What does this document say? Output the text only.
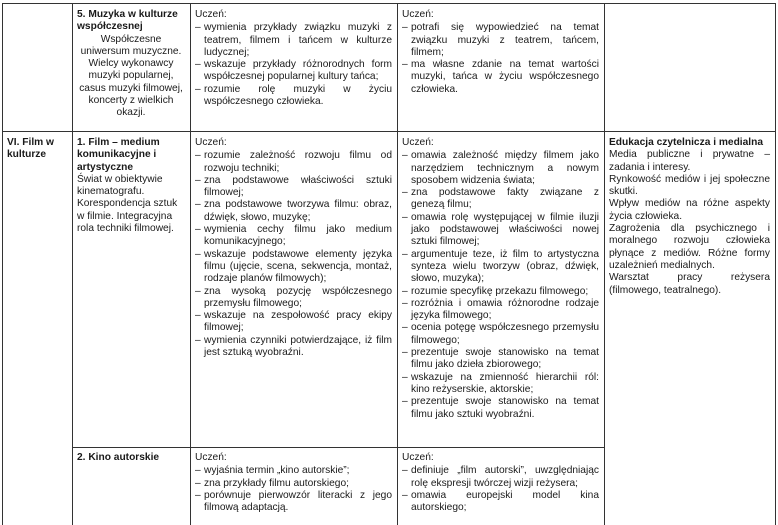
5. Muzyka w kulturze współczesnej
Współczesne uniwersum muzyczne. Wielcy wykonawcy muzyki popularnej, casus muzyki filmowej, koncerty z wielkich okazji.
Uczeń:
– wymienia przykłady związku muzyki z teatrem, filmem i tańcem w kulturze ludycznej;
– wskazuje przykłady różnorodnych form współczesnej popularnej kultury tańca;
– rozumie rolę muzyki w życiu współczesnego człowieka.
Uczeń:
– potrafi się wypowiedzieć na temat związku muzyki z teatrem, tańcem, filmem;
– ma własne zdanie na temat wartości muzyki, tańca w życiu współczesnego człowieka.
VI. Film w kulturze
1. Film – medium komunikacyjne i artystyczne
Świat w obiektywie kinematografu. Korespondencja sztuk w filmie. Integracyjna rola techniki filmowej.
Uczeń:
– rozumie zależność rozwoju filmu od rozwoju techniki;
– zna podstawowe właściwości sztuki filmowej;
– zna podstawowe tworzywa filmu: obraz, dźwięk, słowo, muzykę;
– wymienia cechy filmu jako medium komunikacyjnego;
– wskazuje podstawowe elementy języka filmu (ujęcie, scena, sekwencja, montaż, rodzaje planów filmowych);
– zna wysoką pozycję współczesnego przemysłu filmowego;
– wskazuje na zespołowość pracy ekipy filmowej;
– wymienia czynniki potwierdzające, iż film jest sztuką wyobraźni.
Uczeń:
– omawia zależność między filmem jako narzędziem technicznym a nowym sposobem widzenia świata;
– zna podstawowe fakty związane z genezą filmu;
– omawia rolę występującej w filmie iluzji jako podstawowej właściwości nowej sztuki filmowej;
– argumentuje teze, iż film to artystyczna synteza wielu tworzyw (obraz, dźwięk, słowo, muzyka);
– rozumie specyfikę przekazu filmowego;
– rozróżnia i omawia różnorodne rodzaje języka filmowego;
– ocenia potęgę współczesnego przemysłu filmowego;
– prezentuje swoje stanowisko na temat filmu jako dzieła zbiorowego;
– wskazuje na zmienność hierarchii ról: kino reżyserskie, aktorskie;
– prezentuje swoje stanowisko na temat filmu jako sztuki wyobraźni.
Edukacja czytelnicza i medialna
Media publiczne i prywatne – zadania i interesy.
Rynkowość mediów i jej społeczne skutki.
Wpływ mediów na różne aspekty życia człowieka.
Zagrożenia dla psychicznego i moralnego rozwoju człowieka płynące z mediów. Różne formy uzależnień medialnych.
Warsztat pracy reżysera (filmowego, teatralnego).
2. Kino autorskie	Uczeń:
– wyjaśnia termin „kino autorskie”;
– zna przykłady filmu autorskiego;
– porównuje pierwowzór literacki z jego filmową adaptacją.
Uczeń:
– definiuje „film autorski”, uwzględniając rolę ekspresji twórczej wizji reżysera;
– omawia europejski model kina autorskiego;
